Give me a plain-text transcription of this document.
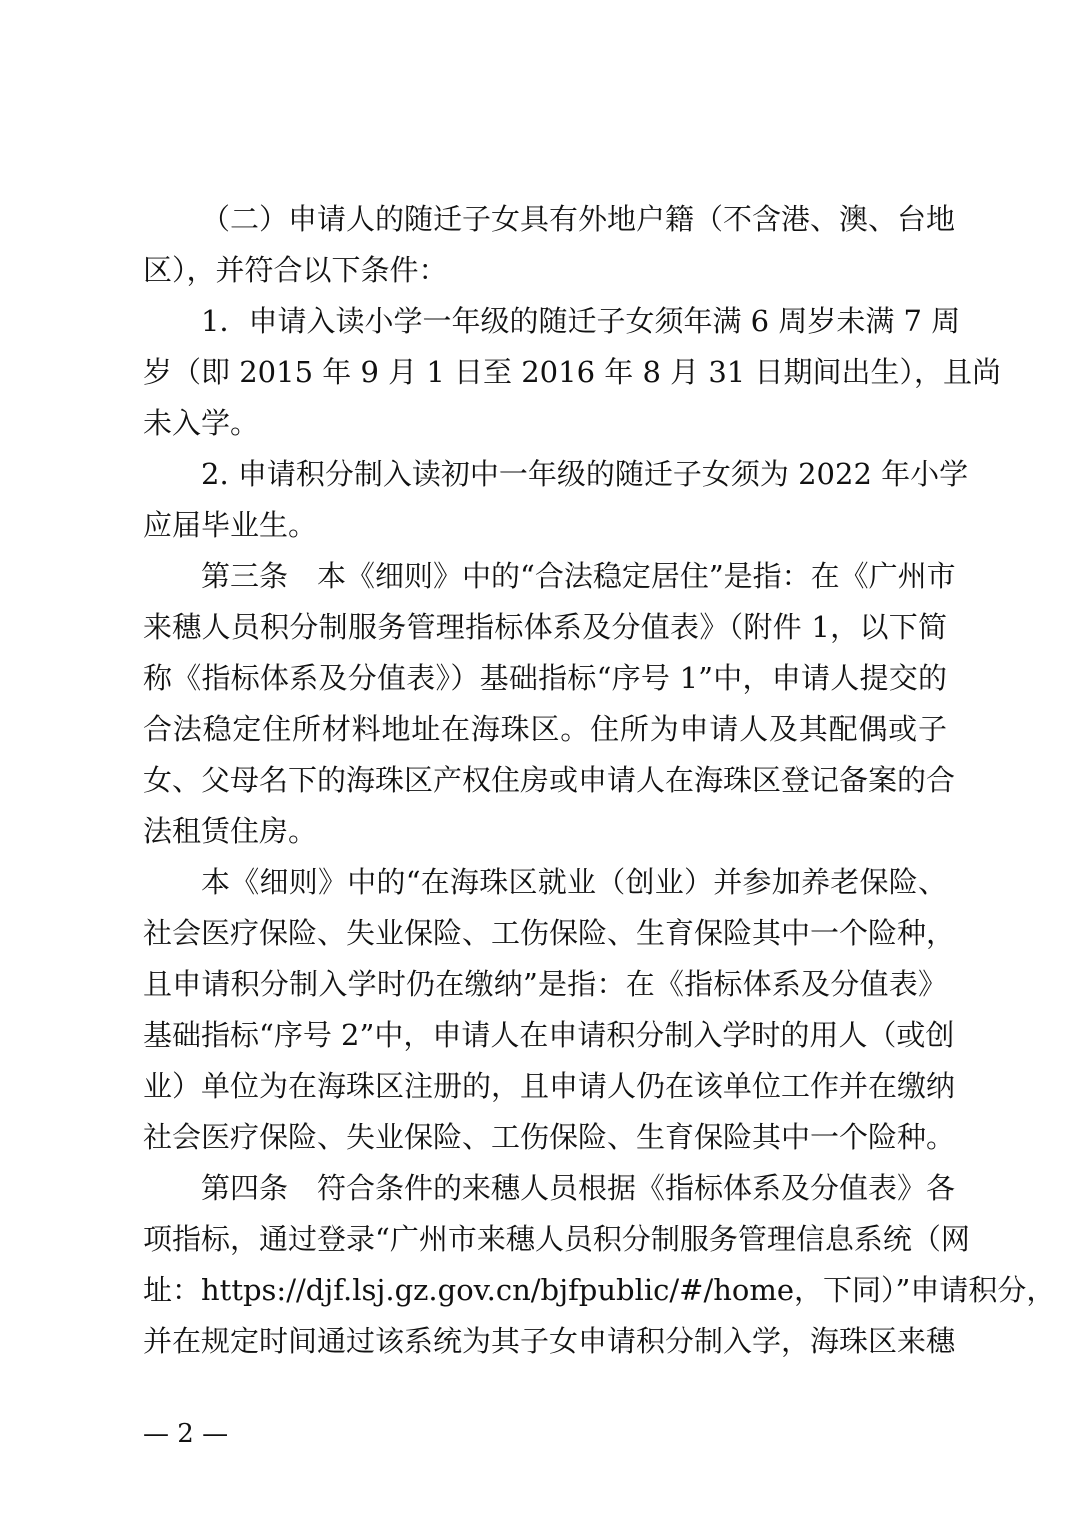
（二）申请人的随迁子女具有外地户籍（不含港、澳、台地
区），并符合以下条件：
1．申请入读小学一年级的随迁子女须年满 6 周岁未满 7 周
岁（即 2015 年 9 月 1 日至 2016 年 8 月 31 日期间出生），且尚
未入学。
2. 申请积分制入读初中一年级的随迁子女须为 2022 年小学
应届毕业生。
第三条　本《细则》中的“合法稳定居住”是指：在《广州市
来穗人员积分制服务管理指标体系及分值表》（附件 1，以下简
称《指标体系及分值表》）基础指标“序号 1”中，申请人提交的
合法稳定住所材料地址在海珠区。住所为申请人及其配偶或子
女、父母名下的海珠区产权住房或申请人在海珠区登记备案的合
法租赁住房。
本《细则》中的“在海珠区就业（创业）并参加养老保险、
社会医疗保险、失业保险、工伤保险、生育保险其中一个险种，
且申请积分制入学时仍在缴纳”是指：在《指标体系及分值表》
基础指标“序号 2”中，申请人在申请积分制入学时的用人（或创
业）单位为在海珠区注册的，且申请人仍在该单位工作并在缴纳
社会医疗保险、失业保险、工伤保险、生育保险其中一个险种。
第四条　符合条件的来穗人员根据《指标体系及分值表》各
项指标，通过登录“广州市来穗人员积分制服务管理信息系统（网
址：https://djf.lsj.gz.gov.cn/bjfpublic/#/home，下同）”申请积分，
并在规定时间通过该系统为其子女申请积分制入学，海珠区来穗
— 2 —
